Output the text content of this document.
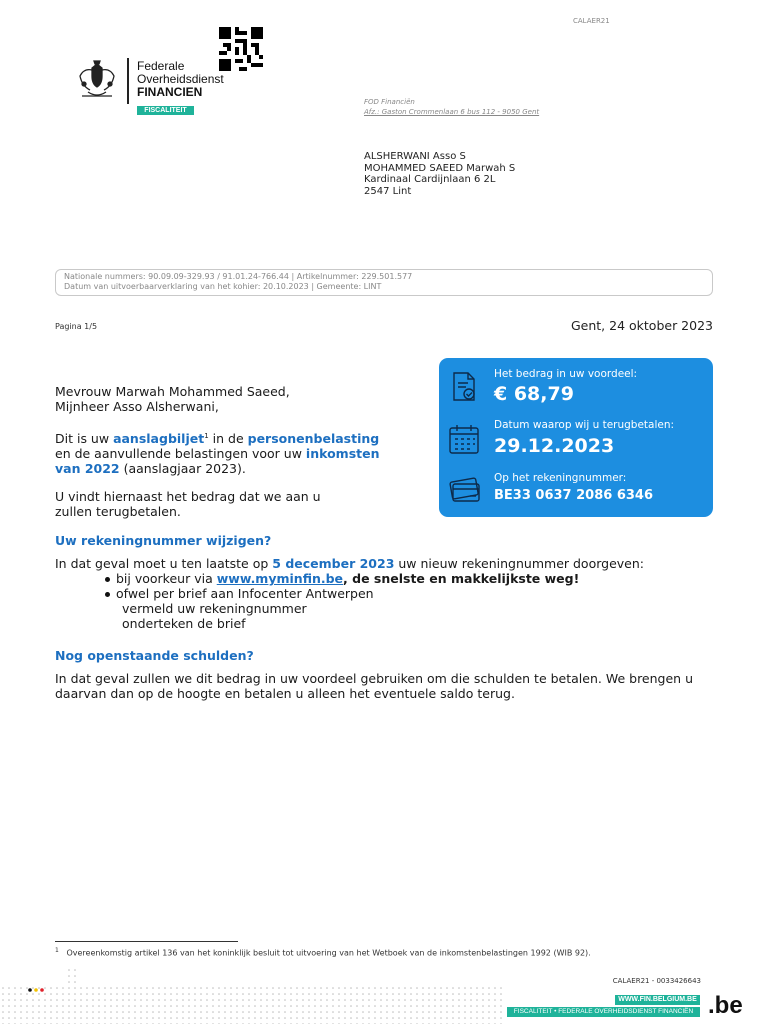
CALAER21
Federale
Overheidsdienst
FINANCIEN
FISCALITEIT
FOD Financiën
Afz.: Gaston Crommenlaan 6 bus 112 - 9050 Gent
ALSHERWANI Asso S
MOHAMMED SAEED Marwah S
Kardinaal Cardijnlaan 6 2L
2547 Lint
Nationale nummers: 90.09.09-329.93 / 91.01.24-766.44 | Artikelnummer: 229.501.577
Datum van uitvoerbaarverklaring van het kohier: 20.10.2023 | Gemeente: LINT
Pagina 1/5	Gent, 24 oktober 2023
Het bedrag in uw voordeel:
€ 68,79
Datum waarop wij u terugbetalen:
29.12.2023
Op het rekeningnummer:
BE33 0637 2086 6346
Mevrouw Marwah Mohammed Saeed,
Mijnheer Asso Alsherwani,
Dit is uw aanslagbiljet$^1$ in de personenbelasting en de aanvullende belastingen voor uw inkomsten van 2022 (aanslagjaar 2023).
U vindt hiernaast het bedrag dat we aan u zullen terugbetalen.
Uw rekeningnummer wijzigen?
In dat geval moet u ten laatste op 5 december 2023 uw nieuw rekeningnummer doorgeven:
bij voorkeur via www.myminfin.be, de snelste en makkelijkste weg!
ofwel per brief aan Infocenter Antwerpen
vermeld uw rekeningnummer
onderteken de brief
Nog openstaande schulden?
In dat geval zullen we dit bedrag in uw voordeel gebruiken om die schulden te betalen. We brengen u daarvan dan op de hoogte en betalen u alleen het eventuele saldo terug.
$^1$ Overeenkomstig artikel 136 van het koninklijk besluit tot uitvoering van het Wetboek van de inkomstenbelastingen 1992 (WIB 92).
CALAER21 - 0033426643
WWW.FIN.BELGIUM.BE
FISCALITEIT • FEDERALE OVERHEIDSDIENST FINANCIËN .be
